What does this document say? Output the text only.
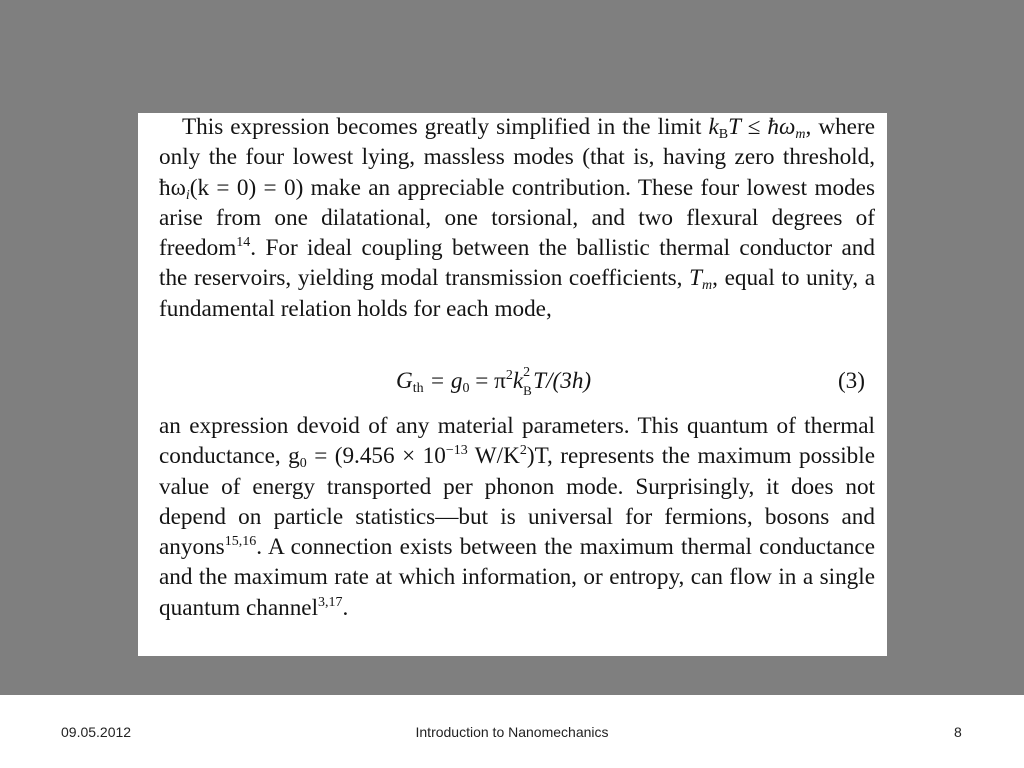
This expression becomes greatly simplified in the limit $k_BT$ ≤ $ħ\omega_m$, where only the four lowest lying, massless modes (that is, having zero threshold, $ħ\omega_i(k = 0) = 0$) make an appreciable contribution. These four lowest modes arise from one dilatational, one torsional, and two flexural degrees of freedom$^{14}$. For ideal coupling between the ballistic thermal conductor and the reservoirs, yielding modal transmission coefficients, $T_m$, equal to unity, a fundamental relation holds for each mode,

$G_{th} = g_0 = \pi^2k$ 2
B T/(3h)	(3)

an expression devoid of any material parameters. This quantum of thermal conductance, $g_0 = (9.456 \times 10^{-13}$ $W/K^2)T$, represents the maximum possible value of energy transported per phonon mode. Surprisingly, it does not depend on particle statistics—but is universal for fermions, bosons and anyons$^{15,16}$. A connection exists between the maximum thermal conductance and the maximum rate at which information, or entropy, can flow in a single quantum channel$^{3,17}$.

09.05.2012	Introduction to Nanomechanics	8
